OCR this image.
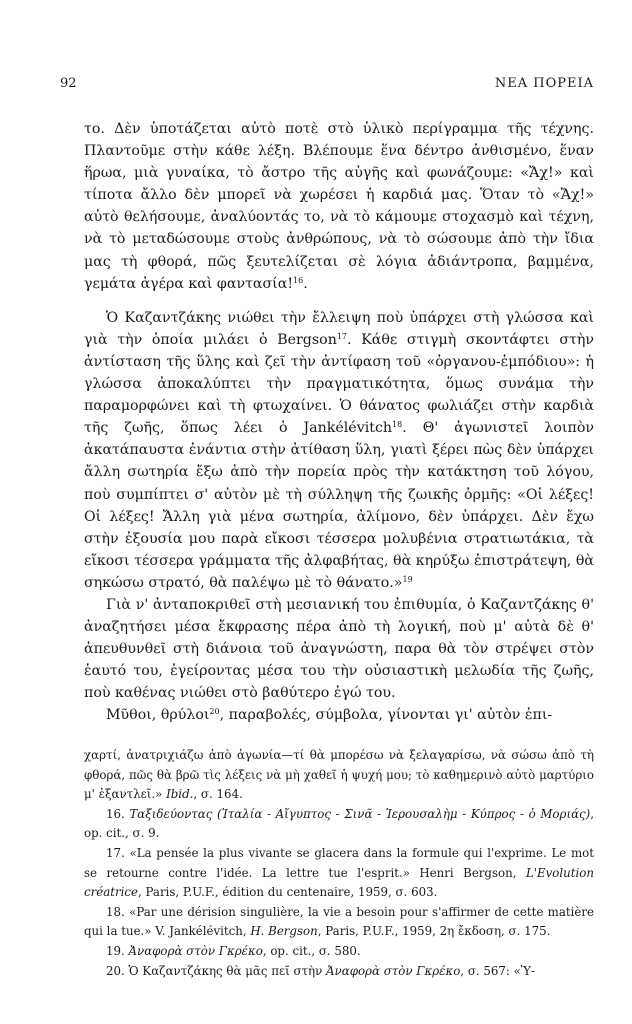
92	ΝΕΑ ΠΟΡΕΙΑ

το. Δὲν ὑποτάζεται αὐτὸ ποτὲ στὸ ὑλικὸ περίγραμμα τῆς τέχνης. Πλαντοῦμε στὴν κάθε λέξη. Βλέπουμε ἕνα δέντρο ἀνθισμένο, ἕναν ἥρωα, μιὰ γυναίκα, τὸ ἄστρο τῆς αὐγῆς καὶ φωνάζουμε: «Ἄχ!» καὶ τίποτα ἄλλο δὲν μπορεῖ νὰ χωρέσει ἡ καρδιά μας. Ὅταν τὸ «Ἄχ!» αὐτὸ θελήσουμε, ἀναλύοντάς το, νὰ τὸ κάμουμε στοχασμὸ καὶ τέχνη, νὰ τὸ μεταδώσουμε στοὺς ἀνθρώπους, νὰ τὸ σώσουμε ἀπὸ τὴν ἴδια μας τὴ φθορά, πῶς ξευτελίζεται σὲ λόγια ἀδιάντροπα, βαμμένα, γεμάτα ἀγέρα καὶ φαντασία!$^{16}$.

Ὁ Καζαντζάκης νιώθει τὴν ἔλλειψη ποὺ ὑπάρχει στὴ γλώσσα καὶ γιὰ τὴν ὁποία μιλάει ὁ Bergson$^{17}$. Κάθε στιγμὴ σκοντάφτει στὴν ἀντίσταση τῆς ὕλης καὶ ζεῖ τὴν ἀντίφαση τοῦ «ὀργανου-ἐμπόδιου»: ἡ γλώσσα ἀποκαλύπτει τὴν πραγματικότητα, ὅμως συνάμα τὴν παραμορφώνει καὶ τὴ φτωχαίνει. Ὁ θάνατος φωλιάζει στὴν καρδιὰ τῆς ζωῆς, ὅπως λέει ὁ Jankélévitch$^{18}$. Θ' ἀγωνιστεῖ λοιπὸν ἀκατάπαυστα ἐνάντια στὴν ἀτίθαση ὕλη, γιατὶ ξέρει πὼς δὲν ὑπάρχει ἄλλη σωτηρία ἔξω ἀπὸ τὴν πορεία πρὸς τὴν κατάκτηση τοῦ λόγου, ποὺ συμπίπτει σ' αὐτὸν μὲ τὴ σύλληψη τῆς ζωικῆς ὁρμῆς: «Οἱ λέξες! Οἱ λέξες! Ἄλλη γιὰ μένα σωτηρία, ἀλίμονο, δὲν ὑπάρχει. Δὲν ἔχω στὴν ἐξουσία μου παρὰ εἴκοσι τέσσερα μολυβένια στρατιωτάκια, τὰ εἴκοσι τέσσερα γράμματα τῆς ἀλφαβήτας, θὰ κηρύξω ἐπιστράτεψη, θὰ σηκώσω στρατό, θὰ παλέψω μὲ τὸ θάνατο.»$^{19}$

Γιὰ ν' ἀνταποκριθεῖ στὴ μεσιανική του ἐπιθυμία, ὁ Καζαντζάκης θ' ἀναζητήσει μέσα ἔκφρασης πέρα ἀπὸ τὴ λογική, ποὺ μ' αὐτὰ δὲ θ' ἀπευθυνθεῖ στὴ διάνοια τοῦ ἀναγνώστη, παρα θὰ τὸν στρέψει στὸν ἑαυτό του, ἐγείροντας μέσα του τὴν οὐσιαστικὴ μελωδία τῆς ζωῆς, ποὺ καθένας νιώθει στὸ βαθύτερο ἐγώ του.

Μῦθοι, θρύλοι$^{20}$, παραβολές, σύμβολα, γίνονται γι' αὐτὸν ἐπι-

χαρτί, ἀνατριχιάζω ἀπὸ ἀγωνία—τί θὰ μπορέσω νὰ ξελαγαρίσω, νὰ σώσω ἀπὸ τὴ φθορά, πῶς θὰ βρῶ τὶς λέξεις νὰ μὴ χαθεῖ ἡ ψυχή μου; τὸ καθημερινὸ αὐτὸ μαρτύριο μ' ἐξαντλεῖ.» Ibid., σ. 164.

16. Ταξιδεύοντας (Ἰταλία - Αἴγυπτος - Σινᾶ - Ἱερουσαλὴμ - Κύπρος - ὁ Μοριάς), op. cit., σ. 9.

17. «La pensée la plus vivante se glacera dans la formule qui l'exprime. Le mot se retourne contre l'idée. La lettre tue l'esprit.» Henri Bergson, L'Evolution créatrice, Paris, P.U.F., édition du centenaire, 1959, σ. 603.

18. «Par une dérision singulière, la vie a besoin pour s'affirmer de cette matière qui la tue.» V. Jankélévitch, H. Bergson, Paris, P.U.F., 1959, 2η ἔκδοση, σ. 175.

19. Ἀναφορὰ στὸν Γκρέκο, op. cit., σ. 580.

20. Ὁ Καζαντζάκης θὰ μᾶς πεῖ στὴν Ἀναφορὰ στὸν Γκρέκο, σ. 567: «Ὑ-
